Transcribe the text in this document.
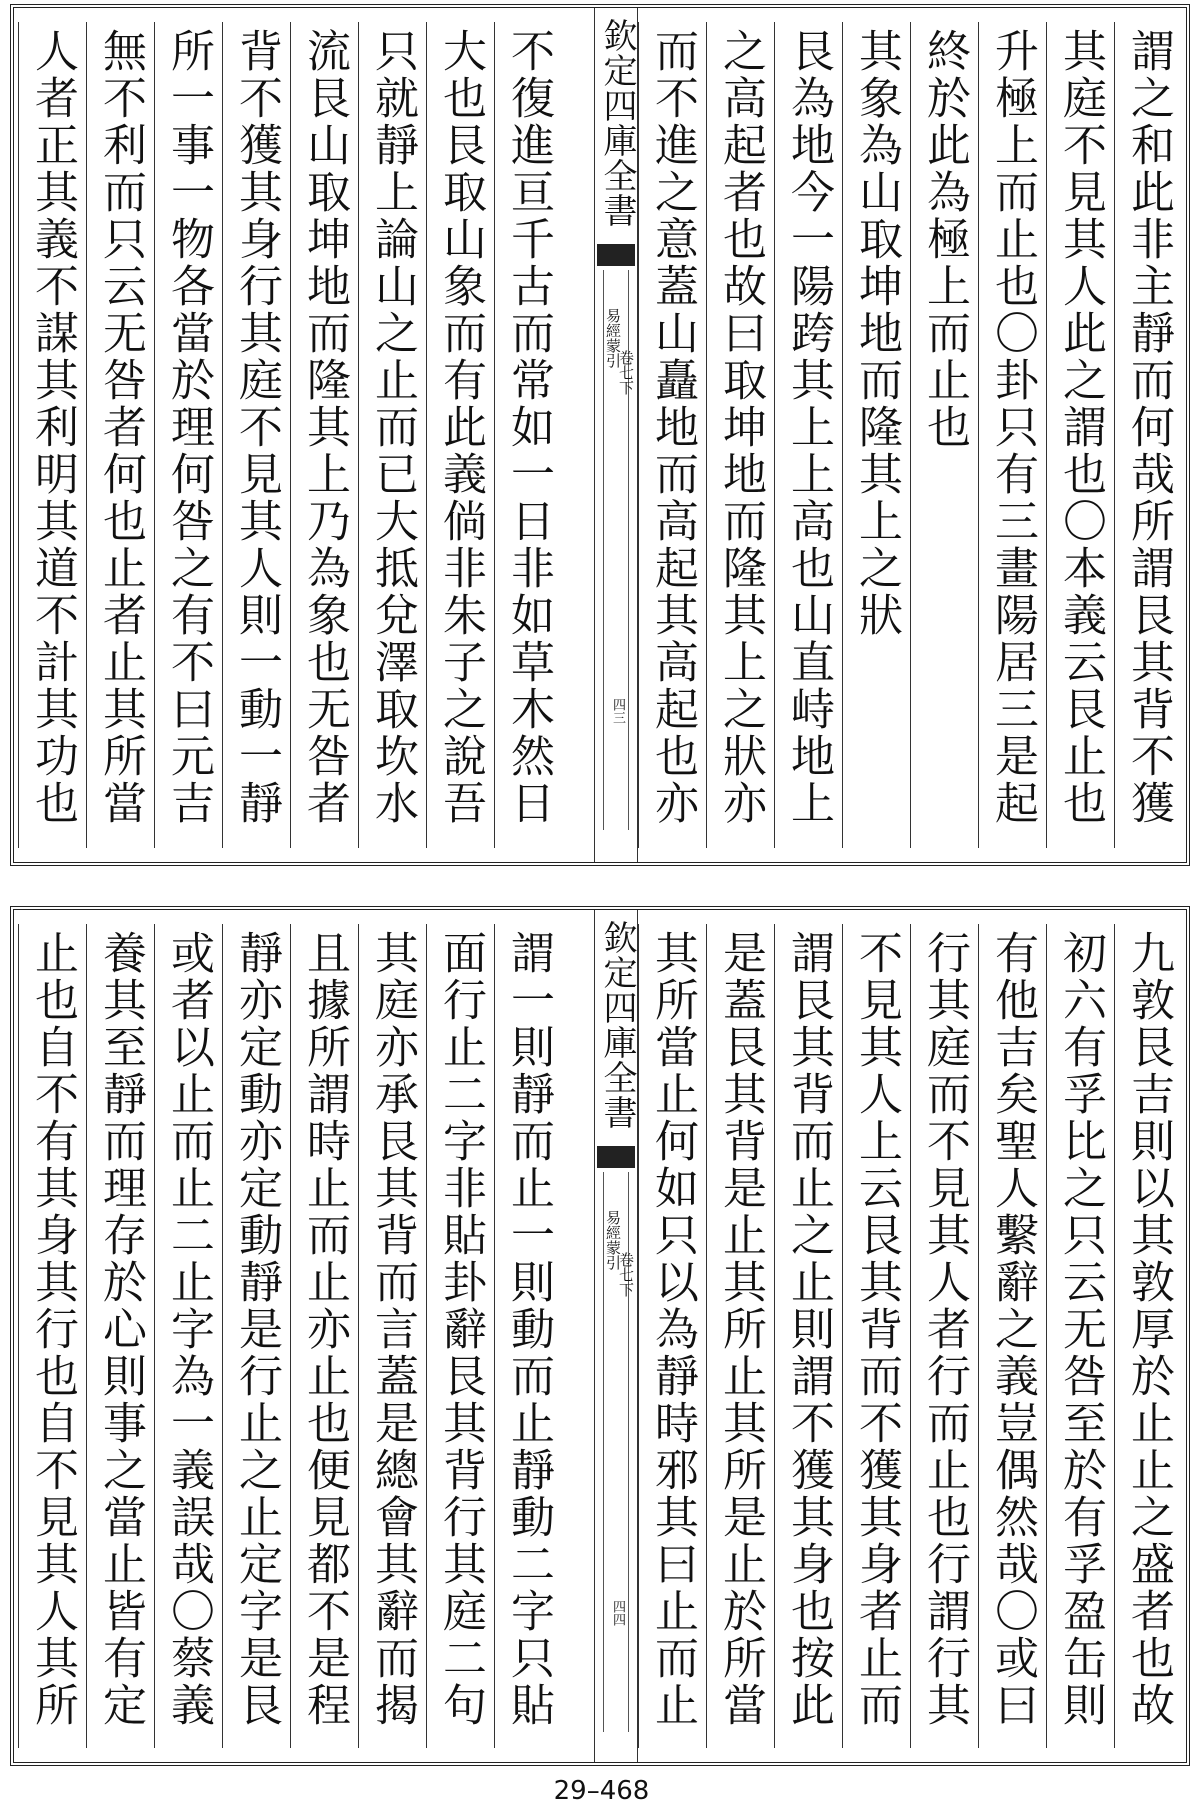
謂之和此非主靜而何哉所謂艮其背不獲
其庭不見其人此之謂也〇本義云艮止也
升極上而止也〇卦只有三畫陽居三是起
終於此為極上而止也
其象為山取坤地而隆其上之狀
艮為地今一陽跨其上上高也山直峙地上
之高起者也故曰取坤地而隆其上之狀亦
而不進之意蓋山矗地而高起其高起也亦
欽定四庫全書
易經蒙引
卷七下
四三
不復進亘千古而常如一日非如草木然日
大也艮取山象而有此義倘非朱子之說吾
只就靜上論山之止而已大抵兌澤取坎水
流艮山取坤地而隆其上乃為象也无咎者
背不獲其身行其庭不見其人則一動一靜
所一事一物各當於理何咎之有不曰元吉
無不利而只云无咎者何也止者止其所當
人者正其義不謀其利明其道不計其功也
九敦艮吉則以其敦厚於止止之盛者也故
初六有孚比之只云无咎至於有孚盈缶則
有他吉矣聖人繫辭之義豈偶然哉〇或曰
行其庭而不見其人者行而止也行謂行其
不見其人上云艮其背而不獲其身者止而
謂艮其背而止之止則謂不獲其身也按此
是蓋艮其背是止其所止其所是止於所當
其所當止何如只以為靜時邪其曰止而止
欽定四庫全書
易經蒙引
卷七下
四四
謂一則靜而止一則動而止靜動二字只貼
面行止二字非貼卦辭艮其背行其庭二句
其庭亦承艮其背而言蓋是總會其辭而揭
且據所謂時止而止亦止也便見都不是程
靜亦定動亦定動靜是行止之止定字是艮
或者以止而止二止字為一義誤哉〇蔡義
養其至靜而理存於心則事之當止皆有定
止也自不有其身其行也自不見其人其所
29–468
